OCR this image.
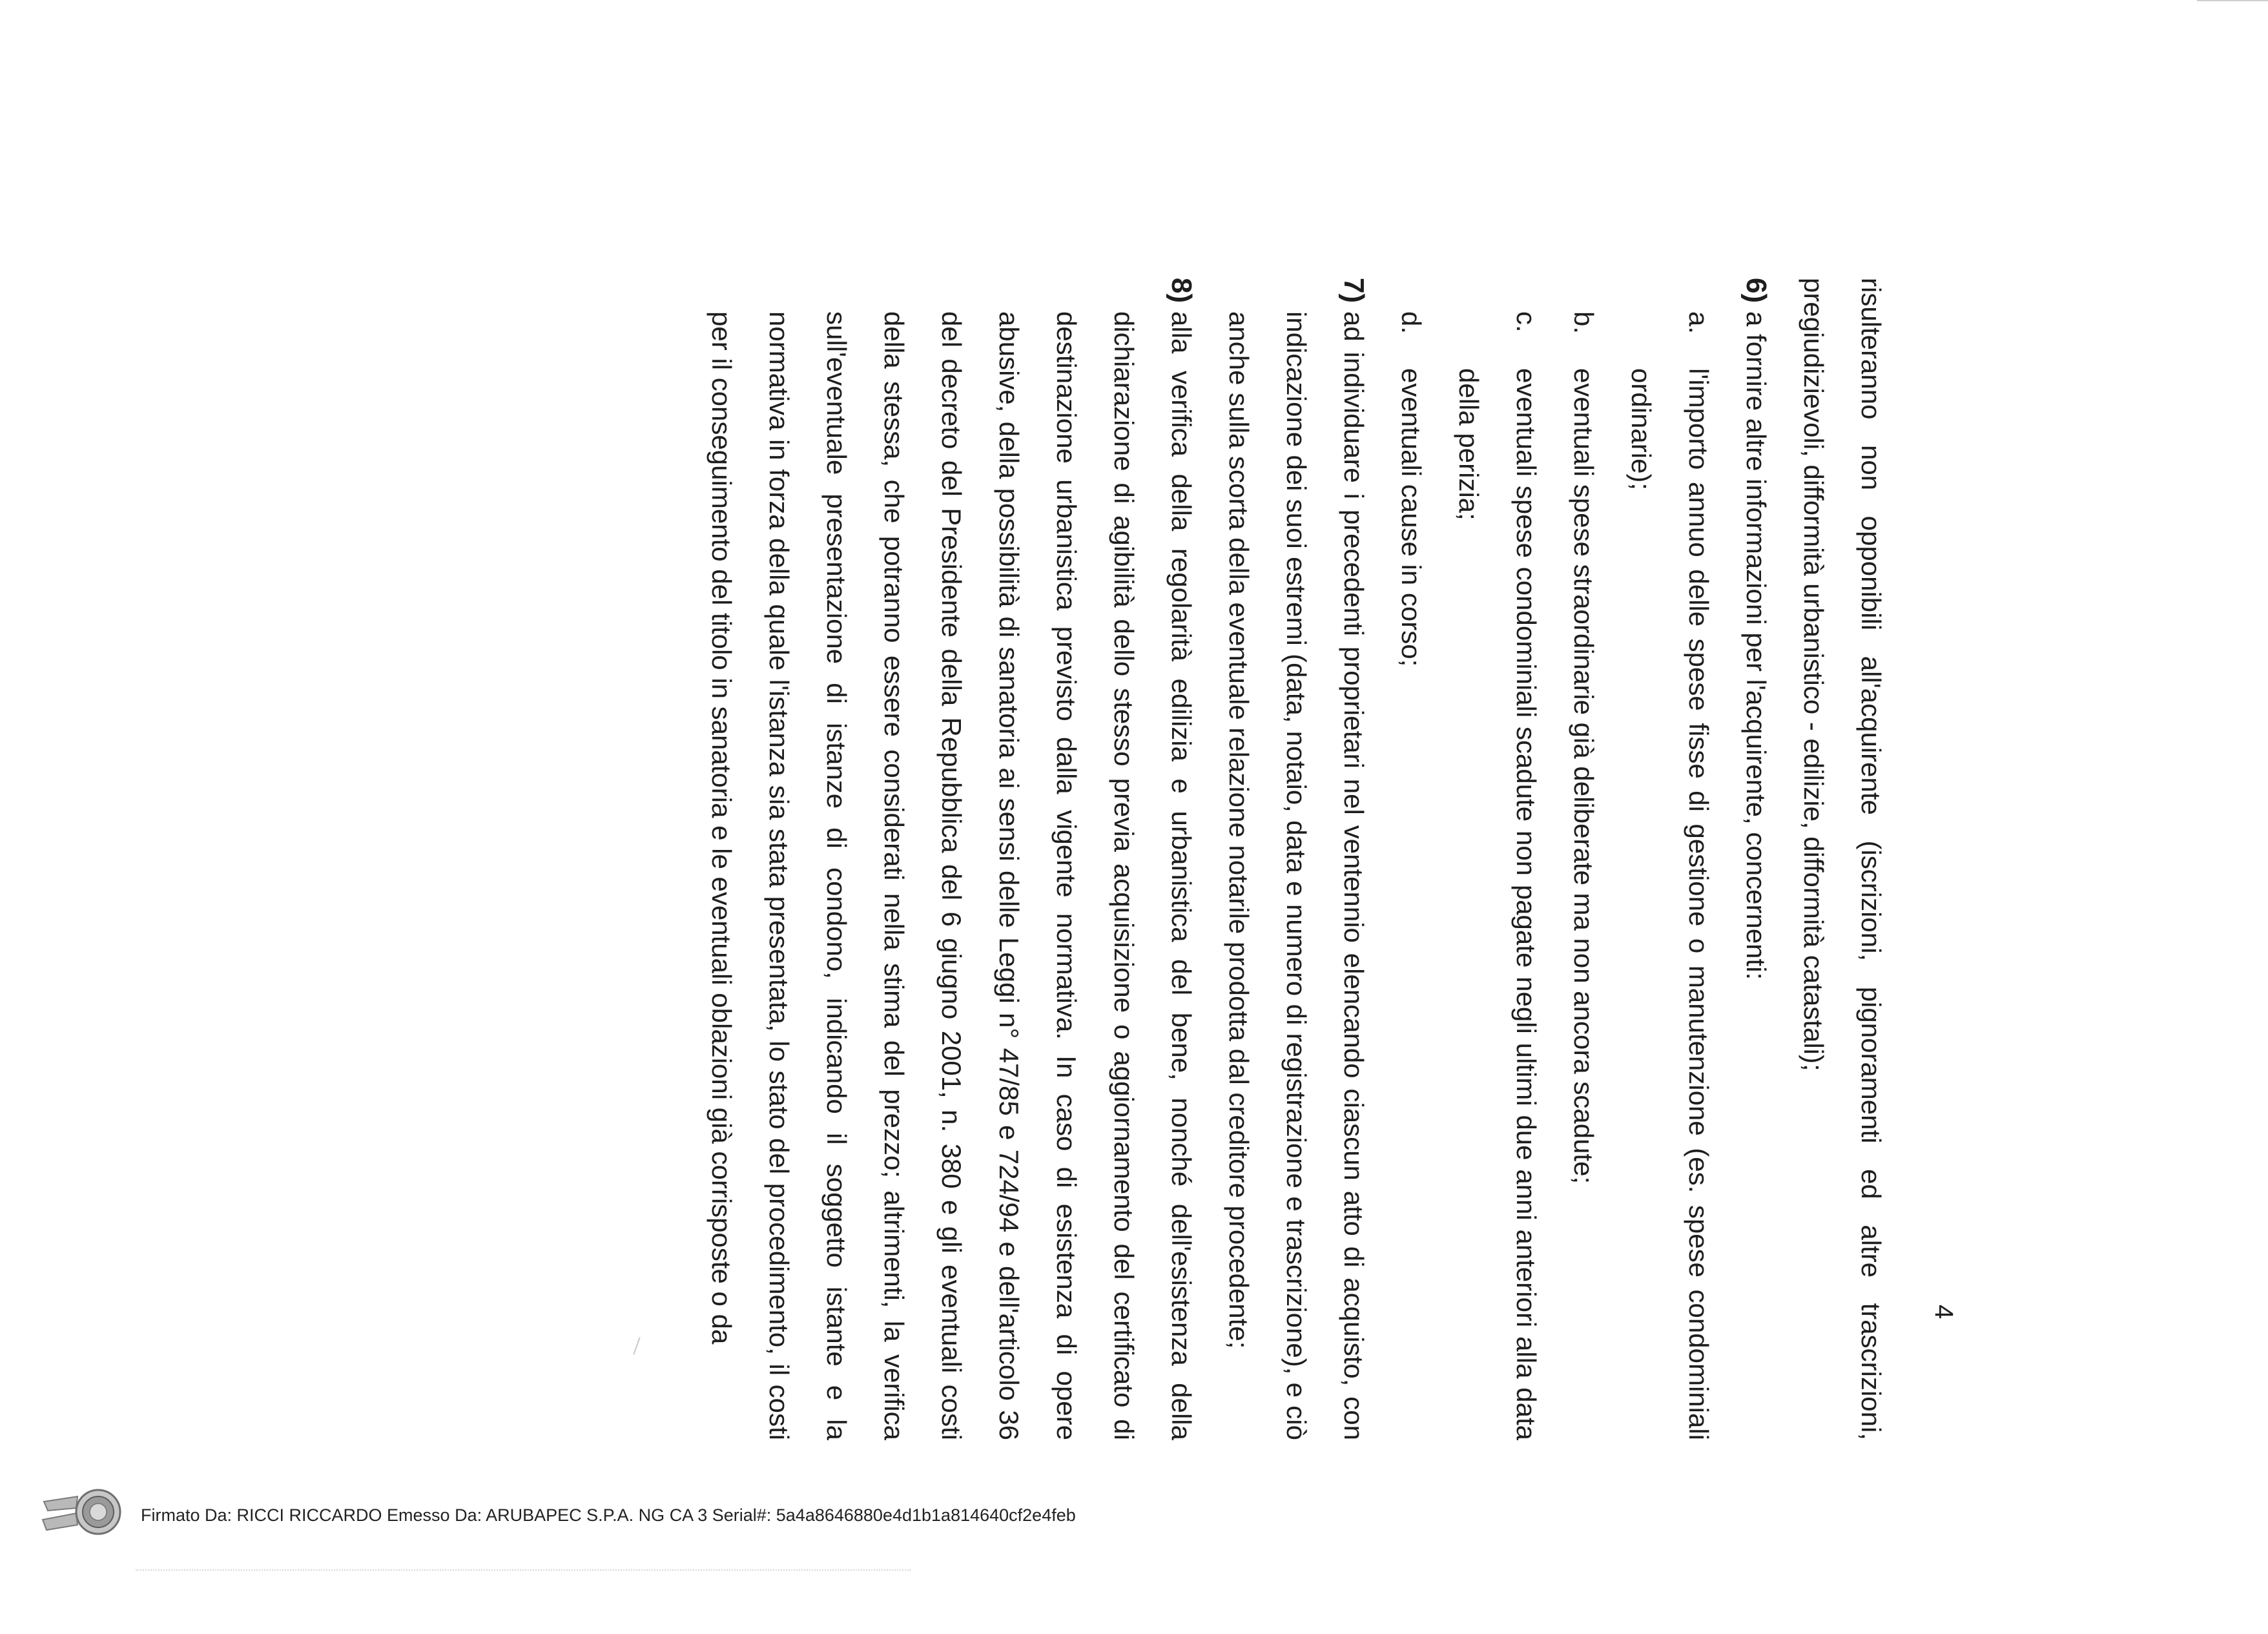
4

risulteranno non opponibili all'acquirente (iscrizioni, pignoramenti ed altre trascrizioni, pregiudizievoli, difformità urbanistico - edilizie, difformità catastali);

6)
a fornire altre informazioni per l'acquirente, concernenti:
a.
l'importo annuo delle spese fisse di gestione o manutenzione (es. spese condominiali ordinarie);
b.
eventuali spese straordinarie già deliberate ma non ancora scadute;
c.
eventuali spese condominiali scadute non pagate negli ultimi due anni anteriori alla data della perizia;
d.
eventuali cause in corso;
7)
ad individuare i precedenti proprietari nel ventennio elencando ciascun atto di acquisto, con indicazione dei suoi estremi (data, notaio, data e numero di registrazione e trascrizione), e ciò anche sulla scorta della eventuale relazione notarile prodotta dal creditore procedente;
8)
alla verifica della regolarità edilizia e urbanistica del bene, nonché dell'esistenza della dichiarazione di agibilità dello stesso previa acquisizione o aggiornamento del certificato di destinazione urbanistica previsto dalla vigente normativa. In caso di esistenza di opere abusive, della possibilità di sanatoria ai sensi delle Leggi n° 47/85 e 724/94 e dell'articolo 36 del decreto del Presidente della Repubblica del 6 giugno 2001, n. 380 e gli eventuali costi della stessa, che potranno essere considerati nella stima del prezzo; altrimenti, la verifica sull'eventuale presentazione di istanze di condono, indicando il soggetto istante e la normativa in forza della quale l'istanza sia stata presentata, lo stato del procedimento, il costi per il conseguimento del titolo in sanatoria e le eventuali oblazioni già corrisposte o da
Firmato Da: RICCI RICCARDO Emesso Da: ARUBAPEC S.P.A. NG CA 3 Serial#: 5a4a8646880e4d1b1a814640cf2e4feb
